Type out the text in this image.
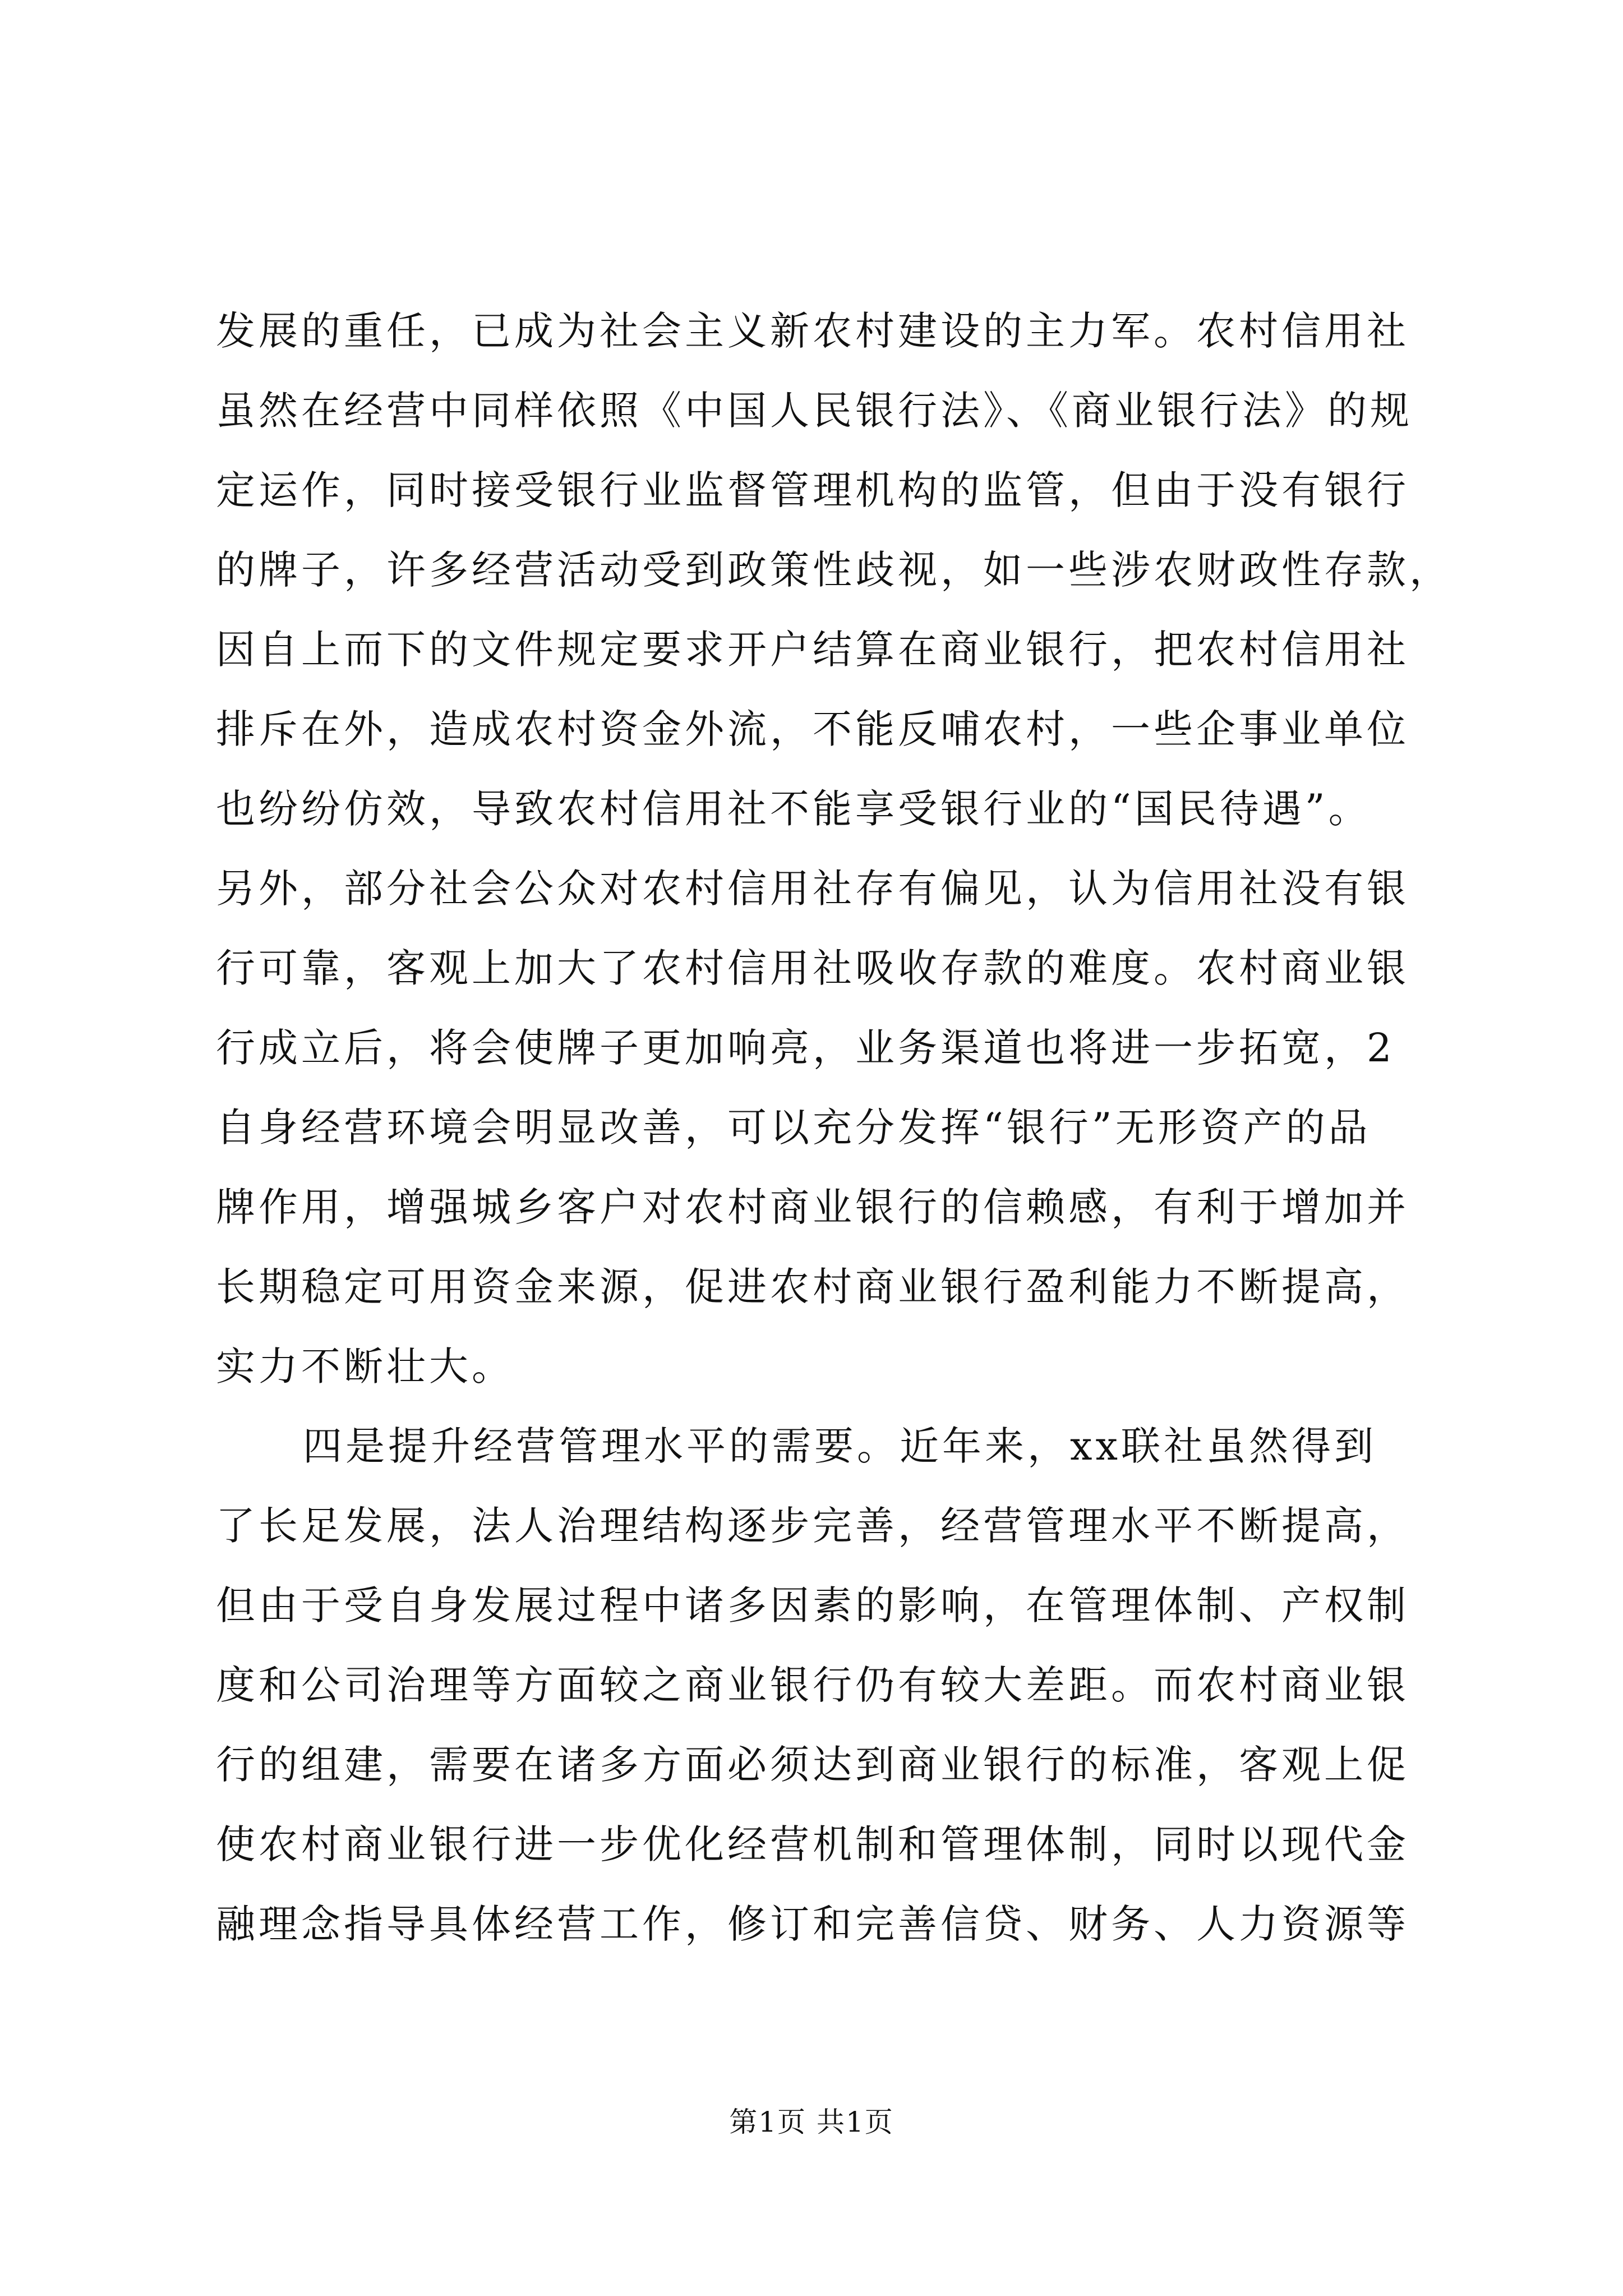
发展的重任，已成为社会主义新农村建设的主力军。农村信用社
虽然在经营中同样依照《中国人民银行法》、《商业银行法》的规
定运作，同时接受银行业监督管理机构的监管，但由于没有银行
的牌子，许多经营活动受到政策性歧视，如一些涉农财政性存款，
因自上而下的文件规定要求开户结算在商业银行，把农村信用社
排斥在外，造成农村资金外流，不能反哺农村，一些企事业单位
也纷纷仿效，导致农村信用社不能享受银行业的“国民待遇”。
另外，部分社会公众对农村信用社存有偏见，认为信用社没有银
行可靠，客观上加大了农村信用社吸收存款的难度。农村商业银
行成立后，将会使牌子更加响亮，业务渠道也将进一步拓宽，2
自身经营环境会明显改善，可以充分发挥“银行”无形资产的品
牌作用，增强城乡客户对农村商业银行的信赖感，有利于增加并
长期稳定可用资金来源，促进农村商业银行盈利能力不断提高，
实力不断壮大。
四是提升经营管理水平的需要。近年来，xx联社虽然得到
了长足发展，法人治理结构逐步完善，经营管理水平不断提高，
但由于受自身发展过程中诸多因素的影响，在管理体制、产权制
度和公司治理等方面较之商业银行仍有较大差距。而农村商业银
行的组建，需要在诸多方面必须达到商业银行的标准，客观上促
使农村商业银行进一步优化经营机制和管理体制，同时以现代金
融理念指导具体经营工作，修订和完善信贷、财务、人力资源等
第1页 共1页
